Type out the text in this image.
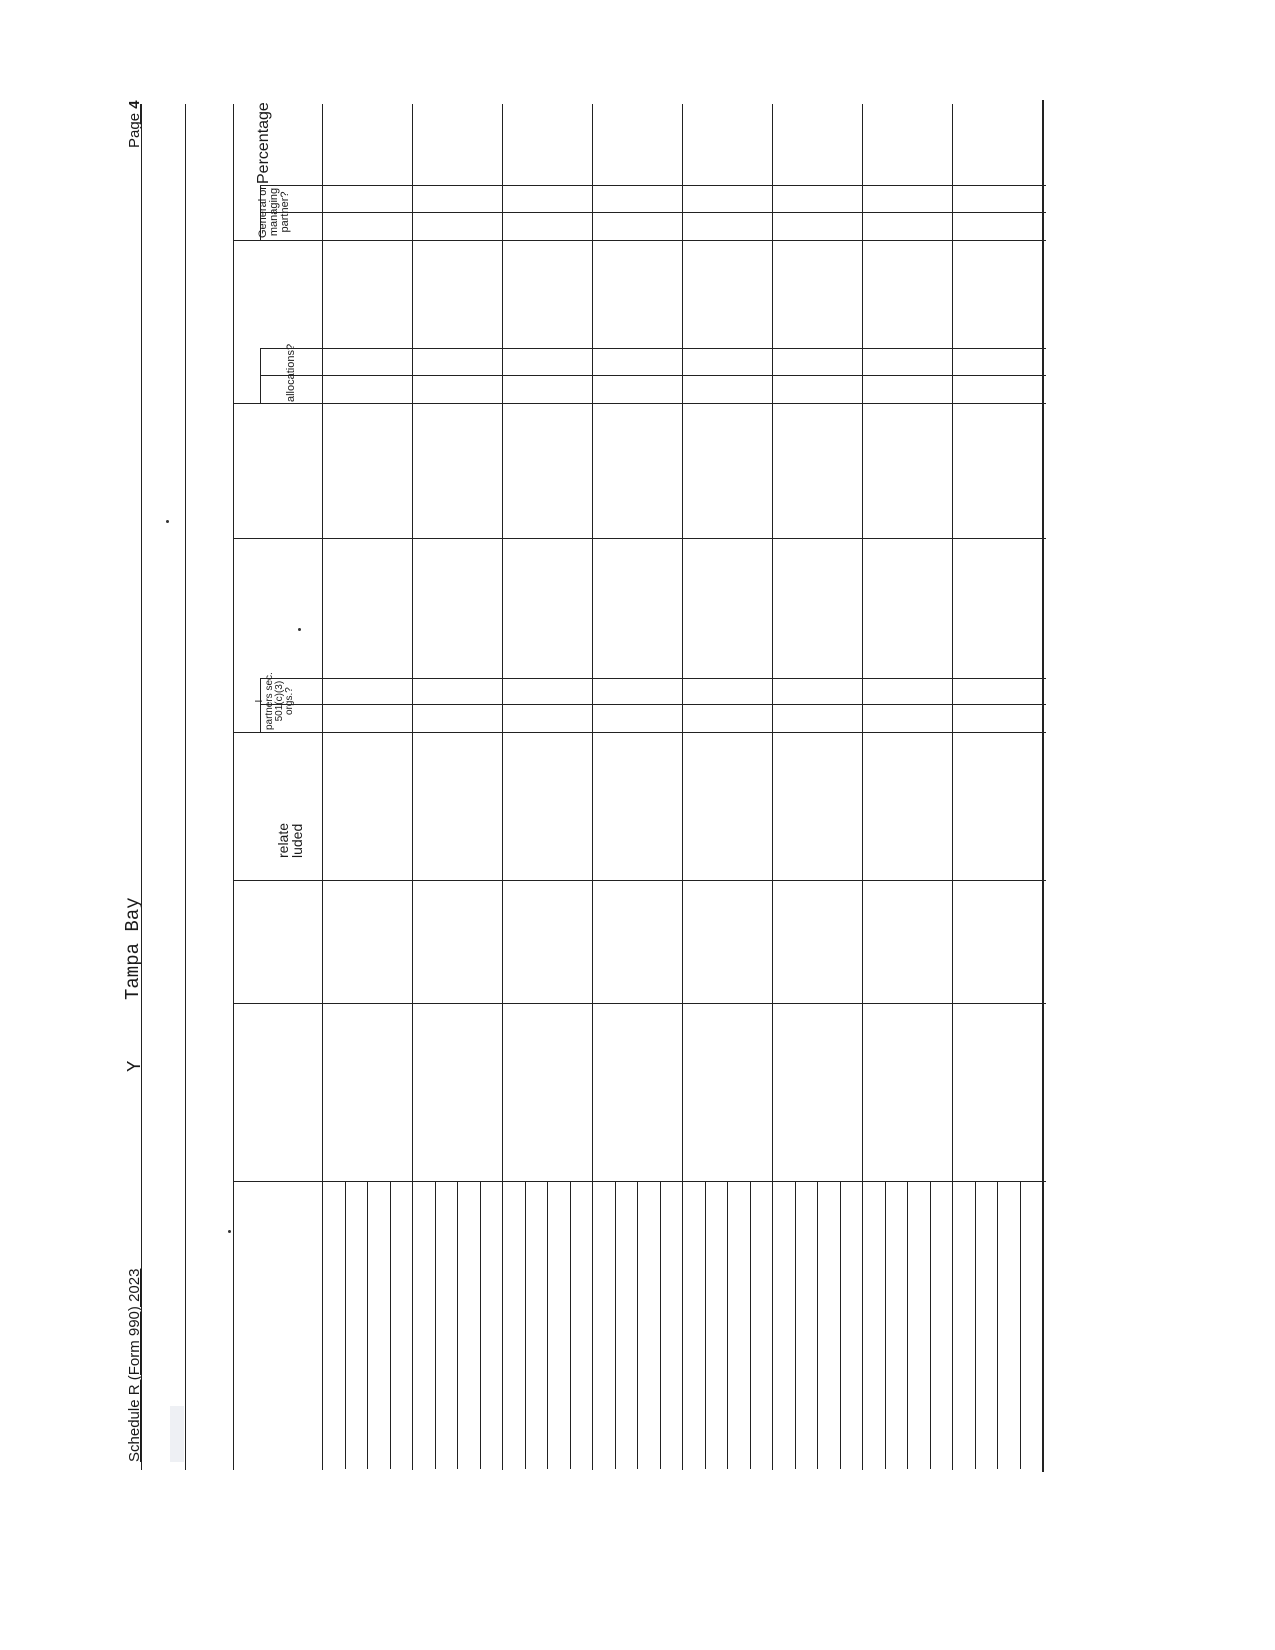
Schedule R (Form 990) 2023
Page 4
Y
Tampa Bay
relate
luded
I partners sec. 501(c)(3) orgs.?
allocations?
General or managing partner?
Percentage
